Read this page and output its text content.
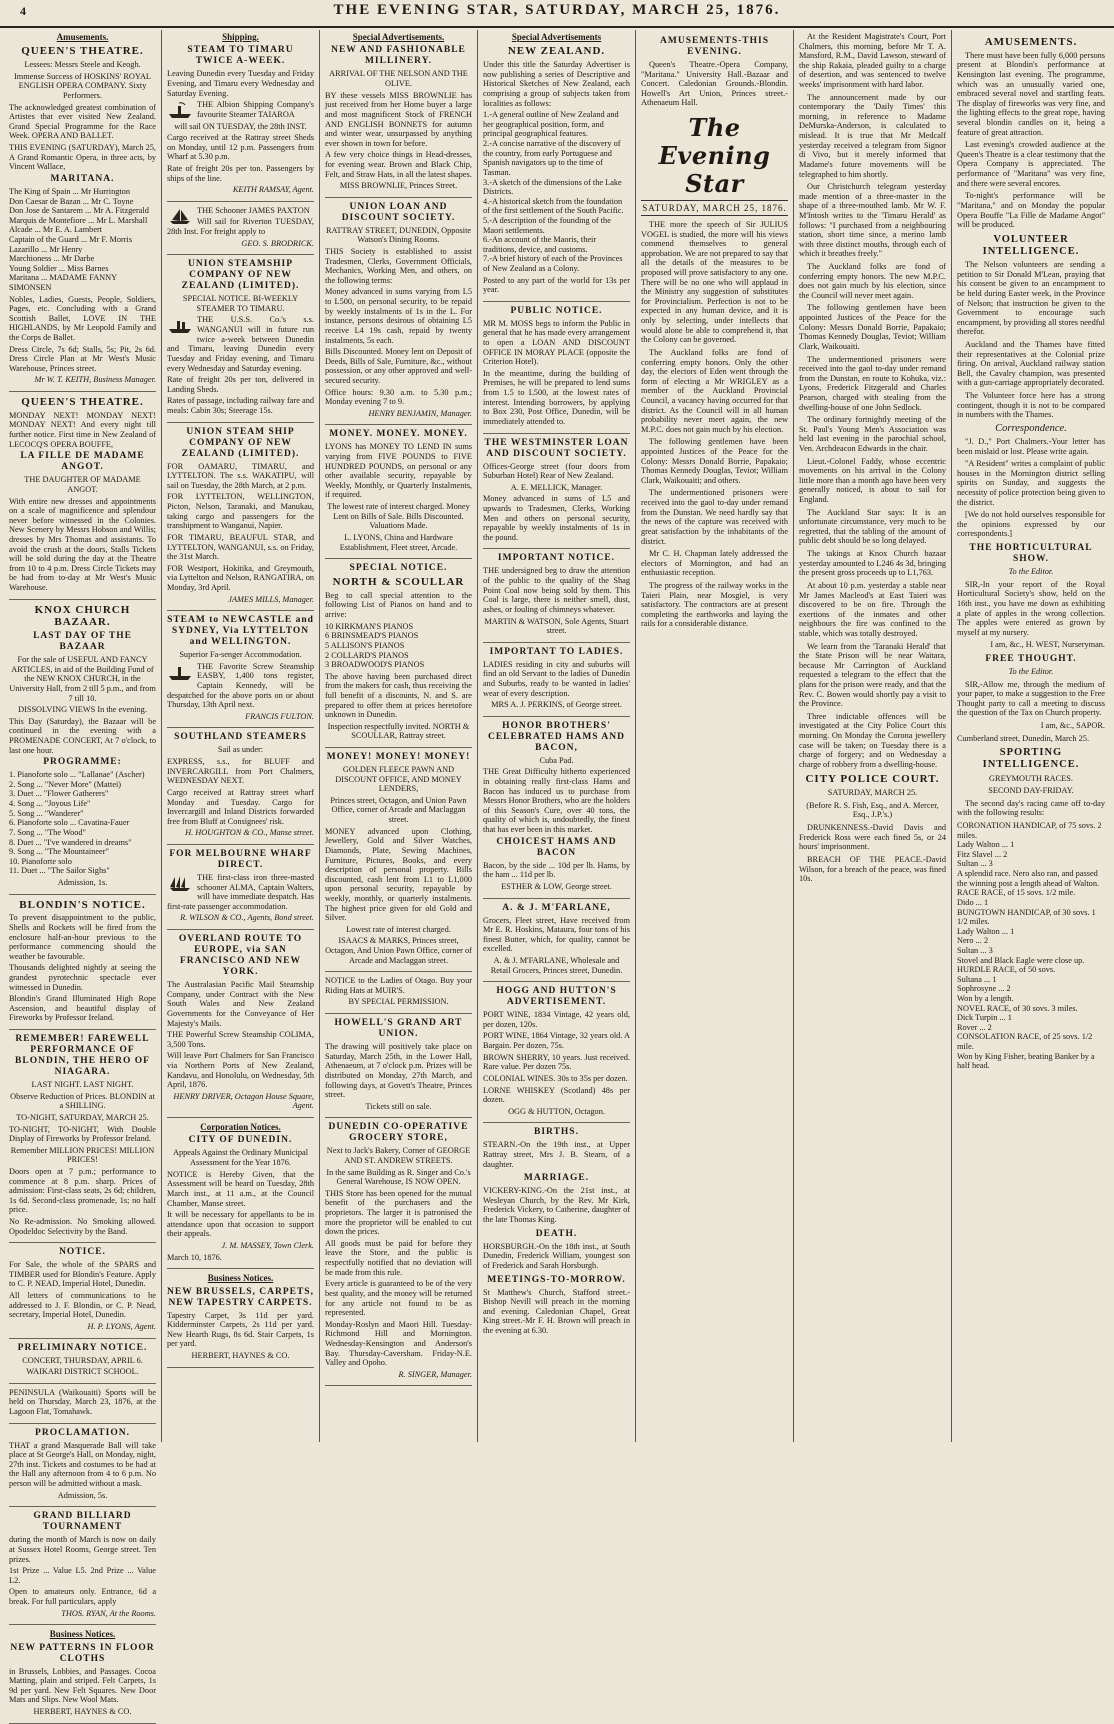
4	THE EVENING STAR, SATURDAY, MARCH 25, 1876.
Amusements.
QUEEN'S THEATRE.

Lessees: Messrs Steele and Keogh.

Immense Success of HOSKINS' ROYAL ENGLISH OPERA COMPANY. Sixty Performers.

The acknowledged greatest combination of Artistes that ever visited New Zealand. Grand Special Programme for the Race Week. OPERA AND BALLET.

THIS EVENING (SATURDAY), March 25, A Grand Romantic Opera, in three acts, by Vincent Wallace,

MARITANA.
The King of Spain ... Mr Hurrington
Don Caesar de Bazan ... Mr C. Toyne
Don Jose de Santarem ... Mr A. Fitzgerald
Marquis de Montefiore ... Mr L. Marshall
Alcade ... Mr E. A. Lambert
Captain of the Guard ... Mr F. Morris
Lazarillo ... Mr Henry
Marchioness ... Mr Darbe
Young Soldier ... Miss Barnes
Maritana ... MADAME FANNY SIMONSEN

Nobles, Ladies, Guests, People, Soldiers, Pages, etc. Concluding with a Grand Scottish Ballet, LOVE IN THE HIGHLANDS, by Mr Leopold Family and the Corps de Ballet.

Dress Circle, 7s 6d; Stalls, 5s; Pit, 2s 6d. Dress Circle Plan at Mr West's Music Warehouse, Princes street.

Mr W. T. KEITH, Business Manager.

QUEEN'S THEATRE.

MONDAY NEXT! MONDAY NEXT! MONDAY NEXT! And every night till further notice. First time in New Zealand of LECOCQ'S OPERA BOUFFE,

LA FILLE DE MADAME ANGOT.

THE DAUGHTER OF MADAME ANGOT.

With entire new dresses and appointments on a scale of magnificence and splendour never before witnessed in the Colonies. New Scenery by Messrs Hobson and Willis; dresses by Mrs Thomas and assistants. To avoid the crush at the doors, Stalls Tickets will be sold during the day at the Theatre from 10 to 4 p.m. Dress Circle Tickets may be had from to-day at Mr West's Music Warehouse.

KNOX CHURCH BAZAAR.
LAST DAY OF THE BAZAAR

For the sale of USEFUL AND FANCY ARTICLES, in aid of the Building Fund of the NEW KNOX CHURCH, in the University Hall, from 2 till 5 p.m., and from 7 till 10.

DISSOLVING VIEWS In the evening.

This Day (Saturday), the Bazaar will be continued in the evening with a PROMENADE CONCERT, At 7 o'clock, to last one hour.

PROGRAMME:
1. Pianoforte solo ... "Lallanae" (Ascher)
2. Song ... "Never More" (Mattei)
3. Duet ... "Flower Gatherers"
4. Song ... "Joyous Life"
5. Song ... "Wanderer"
6. Pianoforte solo ... Cavatina-Fauer
7. Song ... "The Wood"
8. Duet ... "I've wandered in dreams"
9. Song ... "The Mountaineer"
10. Pianoforte solo
11. Duet ... "The Sailor Sighs"

Admission, 1s.

BLONDIN'S NOTICE.

To prevent disappointment to the public, Shells and Rockets will be fired from the enclosure half-an-hour previous to the performance commencing should the weather be favourable.

Thousands delighted nightly at seeing the grandest pyrotechnic spectacle ever witnessed in Dunedin.

Blondin's Grand Illuminated High Rope Ascension, and beautiful display of Fireworks by Professor Ireland.

REMEMBER! FAREWELL PERFORMANCE OF BLONDIN, THE HERO OF NIAGARA.

LAST NIGHT. LAST NIGHT.

Observe Reduction of Prices. BLONDIN at a SHILLING.

TO-NIGHT, SATURDAY, MARCH 25.

TO-NIGHT, TO-NIGHT, With Double Display of Fireworks by Professor Ireland.

Remember MILLION PRICES! MILLION PRICES!

Doors open at 7 p.m.; performance to commence at 8 p.m. sharp. Prices of admission: First-class seats, 2s 6d; children, 1s 6d. Second-class promenade, 1s; no half price.

No Re-admission. No Smoking allowed. Opodeldoc Selectivity by the Band.

NOTICE.

For Sale, the whole of the SPARS and TIMBER used for Blondin's Feature. Apply to C. P. NEAD, Imperial Hotel, Dunedin.

All letters of communications to be addressed to J. F. Blondin, or C. P. Nead, secretary, Imperial Hotel, Dunedin.

H. P. LYONS, Agent.

PRELIMINARY NOTICE.

CONCERT, THURSDAY, APRIL 6.

WAIKARI DISTRICT SCHOOL.

PENINSULA (Waikouaiti) Sports will be held on Thursday, March 23, 1876, at the Lagoon Flat, Tomahawk.

PROCLAMATION.

THAT a grand Masquerade Ball will take place at St George's Hall, on Monday, night, 27th inst. Tickets and costumes to be had at the Hall any afternoon from 4 to 6 p.m. No person will be admitted without a mask.

Admission, 5s.

GRAND BILLIARD TOURNAMENT

during the month of March is now on daily at Sussex Hotel Rooms, George street. Ten prizes.

1st Prize ... Value L5. 2nd Prize ... Value L2.

Open to amateurs only. Entrance, 6d a break. For full particulars, apply

THOS. RYAN, At the Rooms.

Business Notices.
NEW PATTERNS IN FLOOR CLOTHS

in Brussels, Lobbies, and Passages. Cocoa Matting, plain and striped. Felt Carpets, 1s 9d per yard. New Felt Squares. New Door Mats and Slips. New Wool Mats.

HERBERT, HAYNES & CO.

Shipping.
STEAM TO TIMARU TWICE A-WEEK.

Leaving Dunedin every Tuesday and Friday Evening, and Timaru every Wednesday and Saturday Evening.

THE Albion Shipping Company's favourite Steamer TAIAROA

will sail ON TUESDAY, the 28th INST.

Cargo received at the Rattray street Sheds on Monday, until 12 p.m. Passengers from Wharf at 5.30 p.m.

Rate of freight 20s per ton. Passengers by ships of the line.

KEITH RAMSAY, Agent.

THE Schooner JAMES PAXTON

Will sail for Riverton TUESDAY, 28th Inst. For freight apply to

GEO. S. BRODRICK.

UNION STEAMSHIP COMPANY OF NEW ZEALAND (LIMITED).

SPECIAL NOTICE. BI-WEEKLY STEAMER TO TIMARU.

THE U.S.S. Co.'s s.s. WANGANUI will in future run twice a-week between Dunedin and Timaru, leaving Dunedin every Tuesday and Friday evening, and Timaru every Wednesday and Saturday evening.

Rate of freight 20s per ton, delivered in Landing Sheds.

Rates of passage, including railway fare and meals: Cabin 30s; Steerage 15s.

UNION STEAM SHIP COMPANY OF NEW ZEALAND (LIMITED).

FOR OAMARU, TIMARU, and LYTTELTON. The s.s. WAKATIPU, will sail on Tuesday, the 28th March, at 2 p.m.

FOR LYTTELTON, WELLINGTON, Picton, Nelson, Taranaki, and Manukau, taking cargo and passengers for the transhipment to Wanganui, Napier.

FOR TIMARU, BEAUFUL STAR, and LYTTELTON, WANGANUI, s.s. on Friday, the 31st March.

FOR Westport, Hokitika, and Greymouth, via Lyttelton and Nelson, RANGATIRA, on Monday, 3rd April.

JAMES MILLS, Manager.

STEAM to NEWCASTLE and SYDNEY, Via LYTTELTON and WELLINGTON.

Superior Fa-senger Accommodation.

THE Favorite Screw Steamship EASBY, 1,400 tons register, Captain Kennedy, will be despatched for the above ports on or about Thursday, 13th April next.

FRANCIS FULTON.

SOUTHLAND STEAMERS

Sail as under:

EXPRESS, s.s., for BLUFF and INVERCARGILL from Port Chalmers, WEDNESDAY NEXT.

Cargo received at Rattray street wharf Monday and Tuesday. Cargo for Invercargill and Inland Districts forwarded free from Bluff at Consignees' risk.

H. HOUGHTON & CO., Manse street.

FOR MELBOURNE WHARF DIRECT.

THE first-class iron three-masted schooner ALMA, Captain Walters, will have immediate despatch. Has first-rate passenger accommodation.

R. WILSON & CO., Agents, Bond street.

OVERLAND ROUTE TO EUROPE, via SAN FRANCISCO AND NEW YORK.

The Australasian Pacific Mail Steamship Company, under Contract with the New South Wales and New Zealand Governments for the Conveyance of Her Majesty's Mails.

THE Powerful Screw Steamship COLIMA, 3,500 Tons.

Will leave Port Chalmers for San Francisco via Northern Ports of New Zealand, Kandavu, and Honolulu, on Wednesday, 5th April, 1876.

HENRY DRIVER, Octagon House Square, Agent.

Corporation Notices.
CITY OF DUNEDIN.

Appeals Against the Ordinary Municipal Assessment for the Year 1876.

NOTICE is Hereby Given, that the Assessment will be heard on Tuesday, 28th March inst., at 11 a.m., at the Council Chamber, Manse street.

It will be necessary for appellants to be in attendance upon that occasion to support their appeals.

J. M. MASSEY, Town Clerk.

March 10, 1876.

Business Notices.
NEW BRUSSELS, CARPETS, NEW TAPESTRY CARPETS.

Tapestry Carpet, 3s 11d per yard. Kidderminster Carpets, 2s 11d per yard. New Hearth Rugs, 8s 6d. Stair Carpets, 1s per yard.

HERBERT, HAYNES & CO.

Special Advertisements.
NEW AND FASHIONABLE MILLINERY.

ARRIVAL OF THE NELSON AND THE OLIVE.

BY these vessels MISS BROWNLIE has just received from her Home buyer a large and most magnificent Stock of FRENCH AND ENGLISH BONNETS for autumn and winter wear, unsurpassed by anything ever shown in town for before.

A few very choice things in Head-dresses, for evening wear. Brown and Black Chip, Felt, and Straw Hats, in all the latest shapes.

MISS BROWNLIE, Princes Street.

UNION LOAN AND DISCOUNT SOCIETY.

RATTRAY STREET, DUNEDIN, Opposite Watson's Dining Rooms.

THIS Society is established to assist Tradesmen, Clerks, Government Officials, Mechanics, Working Men, and others, on the following terms:

Money advanced in sums varying from L5 to L500, on personal security, to be repaid by weekly instalments of 1s in the L. For instance, persons desirous of obtaining L5 receive L4 19s cash, repaid by twenty instalments, 5s each.

Bills Discounted. Money lent on Deposit of Deeds, Bills of Sale, Furniture, &c., without possession, or any other approved and well-secured security.

Office hours: 9.30 a.m. to 5.30 p.m.; Monday evening 7 to 9.

HENRY BENJAMIN, Manager.

MONEY. MONEY. MONEY.

LYONS has MONEY TO LEND IN sums varying from FIVE POUNDS to FIVE HUNDRED POUNDS, on personal or any other available security, repayable by Weekly, Monthly, or Quarterly Instalments, if required.

The lowest rate of interest charged. Money Lent on Bills of Sale. Bills Discounted. Valuations Made.

L. LYONS, China and Hardware Establishment, Fleet street, Arcade.

SPECIAL NOTICE.
NORTH & SCOULLAR

Beg to call special attention to the following List of Pianos on hand and to arrive:

10 KIRKMAN'S PIANOS
6 BRINSMEAD'S PIANOS
5 ALLISON'S PIANOS
2 COLLARD'S PIANOS
3 BROADWOOD'S PIANOS

The above having been purchased direct from the makers for cash, thus receiving the full benefit of a discounts, N. and S. are prepared to offer them at prices heretofore unknown in Dunedin.

Inspection respectfully invited. NORTH & SCOULLAR, Rattray street.

MONEY! MONEY! MONEY!

GOLDEN FLEECE PAWN AND DISCOUNT OFFICE, AND MONEY LENDERS,

Princes street, Octagon, and Union Pawn Office, corner of Arcade and Maclaggan street.

MONEY advanced upon Clothing, Jewellery, Gold and Silver Watches, Diamonds, Plate, Sewing Machines, Furniture, Pictures, Books, and every description of personal property. Bills discounted, cash lent from L1 to L1,000 upon personal security, repayable by weekly, monthly, or quarterly instalments. The highest price given for old Gold and Silver.

Lowest rate of interest charged.

ISAACS & MARKS, Princes street, Octagon, And Union Pawn Office, corner of Arcade and Maclaggan street.

NOTICE to the Ladies of Otago. Buy your Riding Hats at MUIR'S.

BY SPECIAL PERMISSION.

HOWELL'S GRAND ART UNION.

The drawing will positively take place on Saturday, March 25th, in the Lower Hall, Athenaeum, at 7 o'clock p.m. Prizes will be distributed on Monday, 27th March, and following days, at Govett's Theatre, Princes street.

Tickets still on sale.

DUNEDIN CO-OPERATIVE GROCERY STORE,

Next to Jack's Bakery, Corner of GEORGE AND ST. ANDREW STREETS.

In the same Building as R. Singer and Co.'s General Warehouse, IS NOW OPEN.

THIS Store has been opened for the mutual benefit of the purchasers and the proprietors. The larger it is patronised the more the proprietor will be enabled to cut down the prices.

All goods must be paid for before they leave the Store, and the public is respectfully notified that no deviation will be made from this rule.

Every article is guaranteed to be of the very best quality, and the money will be returned for any article not found to be as represented.

Monday-Roslyn and Maori Hill. Tuesday-Richmond Hill and Mornington. Wednesday-Kensington and Anderson's Bay. Thursday-Caversham. Friday-N.E. Valley and Opoho.

R. SINGER, Manager.

Special Advertisements
NEW ZEALAND.

Under this title the Saturday Advertiser is now publishing a series of Descriptive and Historical Sketches of New Zealand, each comprising a group of subjects taken from localities as follows:

1.-A general outline of New Zealand and her geographical position, form, and principal geographical features.
2.-A concise narrative of the discovery of the country, from early Portuguese and Spanish navigators up to the time of Tasman.
3.-A sketch of the dimensions of the Lake Districts.
4.-A historical sketch from the foundation of the first settlement of the South Pacific.
5.-A description of the founding of the Maori settlements.
6.-An account of the Maoris, their traditions, device, and customs.
7.-A brief history of each of the Provinces of New Zealand as a Colony.

Posted to any part of the world for 13s per year.

PUBLIC NOTICE.

MR M. MOSS begs to inform the Public in general that he has made every arrangement to open a LOAN AND DISCOUNT OFFICE IN MORAY PLACE (opposite the Criterion Hotel).

In the meantime, during the building of Premises, he will be prepared to lend sums from 1.5 to L500, at the lowest rates of interest. Intending borrowers, by applying to Box 230, Post Office, Dunedin, will be immediately attended to.

THE WESTMINSTER LOAN AND DISCOUNT SOCIETY.

Offices-George street (four doors from Suburban Hotel) Rear of New Zealand.

A. E. MELLICK, Manager.

Money advanced in sums of L5 and upwards to Tradesmen, Clerks, Working Men and others on personal security, repayable by weekly instalments of 1s in the pound.

IMPORTANT NOTICE.

THE undersigned beg to draw the attention of the public to the quality of the Shag Point Coal now being sold by them. This Coal is large, there is neither smell, dust, ashes, or fouling of chimneys whatever.

MARTIN & WATSON, Sole Agents, Stuart street.

IMPORTANT TO LADIES.

LADIES residing in city and suburbs will find an old Servant to the ladies of Dunedin and Suburbs, ready to be wanted in ladies' wear of every description.

MRS A. J. PERKINS, of George street.

HONOR BROTHERS' CELEBRATED HAMS AND BACON,

Cuba Pad.

THE Great Difficulty hitherto experienced in obtaining really first-class Hams and Bacon has induced us to purchase from Messrs Honor Brothers, who are the holders of this Season's Cure, over 40 tons, the quality of which is, undoubtedly, the finest that has ever been in this market.

CHOICEST HAMS AND BACON

Bacon, by the side ... 10d per lb. Hams, by the ham ... 11d per lb.

ESTHER & LOW, George street.

A. & J. M'FARLANE,

Grocers, Fleet street, Have received from Mr E. R. Hoskins, Mataura, four tons of his finest Butter, which, for quality, cannot be excelled.

A. & J. M'FARLANE, Wholesale and Retail Grocers, Princes street, Dunedin.

HOGG AND HUTTON'S ADVERTISEMENT.

PORT WINE, 1834 Vintage, 42 years old, per dozen, 120s.

PORT WINE, 1864 Vintage, 32 years old. A Bargain. Per dozen, 75s.

BROWN SHERRY, 10 years. Just received. Rare value. Per dozen 75s.

COLONIAL WINES. 30s to 35s per dozen.

LORNE WHISKEY (Scotland) 48s per dozen.

OGG & HUTTON, Octagon.

BIRTHS.

STEARN.-On the 19th inst., at Upper Rattray street, Mrs J. B. Stearn, of a daughter.

MARRIAGE.

VICKERY-KING.-On the 21st inst., at Wesleyan Church, by the Rev. Mr Kirk, Frederick Vickery, to Catherine, daughter of the late Thomas King.

DEATH.

HORSBURGH.-On the 18th inst., at South Dunedin, Frederick William, youngest son of Frederick and Sarah Horsburgh.

MEETINGS-TO-MORROW.

St Matthew's Church, Stafford street.-Bishop Nevill will preach in the morning and evening. Caledonian Chapel, Great King street.-Mr F. H. Brown will preach in the evening at 6.30.

AMUSEMENTS-THIS EVENING.

Queen's Theatre.-Opera Company, "Maritana." University Hall.-Bazaar and Concert. Caledonian Grounds.-Blondin. Howell's Art Union, Princes street.-Athenaeum Hall.

The Evening Star
SATURDAY, MARCH 25, 1876.

THE more the speech of Sir JULIUS VOGEL is studied, the more will his views commend themselves to general approbation. We are not prepared to say that all the details of the measures to be proposed will prove satisfactory to any one. There will be no one who will applaud in the Ministry any suggestion of substitutes for Provincialism. Perfection is not to be expected in any human device, and it is only by selecting, under intellects that would alone be able to comprehend it, that the Colony can be governed.

The Auckland folks are fond of conferring empty honors. Only the other day, the electors of Eden went through the form of electing a Mr WRIGLEY as a member of the Auckland Provincial Council, a vacancy having occurred for that district. As the Council will in all human probability never meet again, the new M.P.C. does not gain much by his election.

The following gentlemen have been appointed Justices of the Peace for the Colony: Messrs Donald Borrie, Papakaio; Thomas Kennedy Douglas, Teviot; William Clark, Waikouaiti; and others.

The undermentioned prisoners were received into the gaol to-day under remand from the Dunstan. We need hardly say that the news of the capture was received with great satisfaction by the inhabitants of the district.

Mr C. H. Chapman lately addressed the electors of Mornington, and had an enthusiastic reception.

The progress of the railway works in the Taieri Plain, near Mosgiel, is very satisfactory. The contractors are at present completing the earthworks and laying the rails for a considerable distance.

At the Resident Magistrate's Court, Port Chalmers, this morning, before Mr T. A. Mansford, R.M., David Lawson, steward of the ship Rakaia, pleaded guilty to a charge of desertion, and was sentenced to twelve weeks' imprisonment with hard labor.

The announcement made by our contemporary the 'Daily Times' this morning, in reference to Madame DeMurska-Anderson, is calculated to mislead. It is true that Mr Medcalf yesterday received a telegram from Signor di Vivo, but it merely informed that Madame's future movements will be telegraphed to him shortly.

Our Christchurch telegram yesterday made mention of a three-master in the shape of a three-mouthed lamb. Mr W. F. M'Intosh writes to the 'Timaru Herald' as follows: "I purchased from a neighbouring station, short time since, a merino lamb with three distinct mouths, through each of which it breathes freely."

The Auckland folks are fond of conferring empty honors. The new M.P.C. does not gain much by his election, since the Council will never meet again.

The following gentlemen have been appointed Justices of the Peace for the Colony: Messrs Donald Borrie, Papakaio; Thomas Kennedy Douglas, Teviot; William Clark, Waikouaiti.

The undermentioned prisoners were received into the gaol to-day under remand from the Dunstan, en route to Kohuka, viz.: Lyons, Frederick Fitzgerald and Charles Pearson, charged with stealing from the dwelling-house of one John Sedlock.

The ordinary fortnightly meeting of the St. Paul's Young Men's Association was held last evening in the parochial school, Ven. Archdeacon Edwards in the chair.

Lieut.-Colonel Faddy, whose eccentric movements on his arrival in the Colony little more than a month ago have been very generally noticed, is about to sail for England.

The Auckland Star says: It is an unfortunate circumstance, very much to be regretted, that the tabling of the amount of public debt should be so long delayed.

The takings at Knox Church bazaar yesterday amounted to L246 4s 3d, bringing the present gross proceeds up to L1,763.

At about 10 p.m. yesterday a stable near Mr James Macleod's at East Taieri was discovered to be on fire. Through the exertions of the inmates and other neighbours the fire was confined to the stable, which was totally destroyed.

We learn from the 'Taranaki Herald' that the State Prison will be near Waitara, because Mr Carrington of Auckland requested a telegram to the effect that the plans for the prison were ready, and that the Rev. C. Bowen would shortly pay a visit to the Province.

Three indictable offences will be investigated at the City Police Court this morning. On Monday the Corona jewellery case will be taken; on Tuesday there is a charge of forgery; and on Wednesday a charge of robbery from a dwelling-house.

CITY POLICE COURT.

SATURDAY, MARCH 25.

(Before R. S. Fish, Esq., and A. Mercer, Esq., J.P.'s.)

DRUNKENNESS.-David Davis and Frederick Ross were each fined 5s, or 24 hours' imprisonment.

BREACH OF THE PEACE.-David Wilson, for a breach of the peace, was fined 10s.

AMUSEMENTS.

There must have been fully 6,000 persons present at Blondin's performance at Kensington last evening. The programme, which was an unusually varied one, embraced several novel and startling feats. The display of fireworks was very fine, and the lighting effects to the great rope, having several blondin candles on it, being a feature of great attraction.

Last evening's crowded audience at the Queen's Theatre is a clear testimony that the Opera Company is appreciated. The performance of "Maritana" was very fine, and there were several encores.

To-night's performance will be "Maritana," and on Monday the popular Opera Bouffe "La Fille de Madame Angot" will be produced.

VOLUNTEER INTELLIGENCE.

The Nelson volunteers are sending a petition to Sir Donald M'Lean, praying that his consent be given to an encampment to be held during Easter week, in the Province of Nelson; that instruction be given to the Government to encourage such encampment, by providing all stores needful therefor.

Auckland and the Thames have fitted their representatives at the Colonial prize firing. On arrival, Auckland railway station Bell, the Cavalry champion, was presented with a gun-carriage appropriately decorated.

The Volunteer force here has a strong contingent, though it is not to be compared in numbers with the Thames.

Correspondence.

"J. D.," Port Chalmers.-Your letter has been mislaid or lost. Please write again.

"A Resident" writes a complaint of public houses in the Mornington district selling spirits on Sunday, and suggests the necessity of police protection being given to the district.

[We do not hold ourselves responsible for the opinions expressed by our correspondents.]

THE HORTICULTURAL SHOW.

To the Editor.

SIR,-In your report of the Royal Horticultural Society's show, held on the 16th inst., you have me down as exhibiting a plate of apples in the wrong collection. The apples were entered as grown by myself at my nursery.

I am, &c., H. WEST, Nurseryman.

FREE THOUGHT.

To the Editor.

SIR,-Allow me, through the medium of your paper, to make a suggestion to the Free Thought party to call a meeting to discuss the question of the Tax on Church property.

I am, &c., SAPOR.

Cumberland street, Dunedin, March 25.

SPORTING INTELLIGENCE.

GREYMOUTH RACES.

SECOND DAY-FRIDAY.

The second day's racing came off to-day with the following results:

CORONATION HANDICAP, of 75 sovs. 2 miles.
Lady Walton ... 1
Fitz Slavel ... 2
Sultan ... 3
A splendid race. Nero also ran, and passed the winning post a length ahead of Walton.
RACE RACE, of 15 sovs. 1/2 mile.
Dido ... 1
BUNGTOWN HANDICAP, of 30 sovs. 1 1/2 miles.
Lady Walton ... 1
Nero ... 2
Sultan ... 3
Stovel and Black Eagle were close up.
HURDLE RACE, of 50 sovs.
Sultana ... 1
Sophrosyne ... 2
Won by a length.
NOVEL RACE, of 30 sovs. 3 miles.
Dick Turpin ... 1
Rover ... 2
CONSOLATION RACE, of 25 sovs. 1/2 mile.
Won by King Fisher, beating Banker by a half head.
